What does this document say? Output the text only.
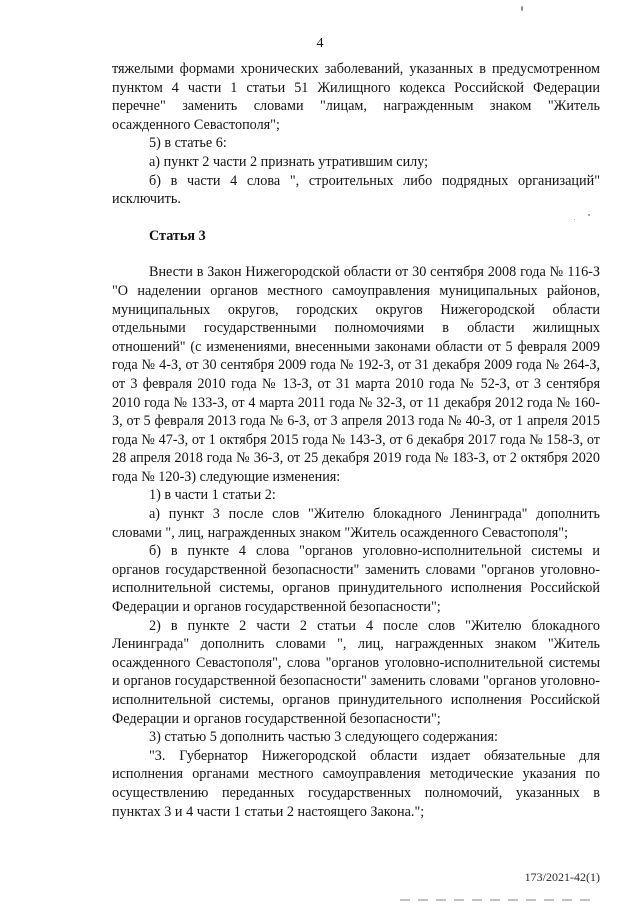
4

тяжелыми формами хронических заболеваний, указанных в предусмотренном пунктом 4 части 1 статьи 51 Жилищного кодекса Российской Федерации перечне" заменить словами "лицам, награжденным знаком "Житель осажденного Севастополя";

5) в статье 6:

а) пункт 2 части 2 признать утратившим силу;

б) в части 4 слова ", строительных либо подрядных организаций" исключить.

Статья 3

Внести в Закон Нижегородской области от 30 сентября 2008 года № 116-З "О наделении органов местного самоуправления муниципальных районов, муниципальных округов, городских округов Нижегородской области отдельными государственными полномочиями в области жилищных отношений" (с изменениями, внесенными законами области от 5 февраля 2009 года № 4-З, от 30 сентября 2009 года № 192-З, от 31 декабря 2009 года № 264-З, от 3 февраля 2010 года № 13-З, от 31 марта 2010 года № 52-З, от 3 сентября 2010 года № 133-З, от 4 марта 2011 года № 32-З, от 11 декабря 2012 года № 160-З, от 5 февраля 2013 года № 6-З, от 3 апреля 2013 года № 40-З, от 1 апреля 2015 года № 47-З, от 1 октября 2015 года № 143-З, от 6 декабря 2017 года № 158-З, от 28 апреля 2018 года № 36-З, от 25 декабря 2019 года № 183-З, от 2 октября 2020 года № 120-З) следующие изменения:

1) в части 1 статьи 2:

а) пункт 3 после слов "Жителю блокадного Ленинграда" дополнить словами ", лиц, награжденных знаком "Житель осажденного Севастополя";

б) в пункте 4 слова "органов уголовно-исполнительной системы и органов государственной безопасности" заменить словами "органов уголовно-исполнительной системы, органов принудительного исполнения Российской Федерации и органов государственной безопасности";

2) в пункте 2 части 2 статьи 4 после слов "Жителю блокадного Ленинграда" дополнить словами ", лиц, награжденных знаком "Житель осажденного Севастополя", слова "органов уголовно-исполнительной системы и органов государственной безопасности" заменить словами "органов уголовно-исполнительной системы, органов принудительного исполнения Российской Федерации и органов государственной безопасности";

3) статью 5 дополнить частью 3 следующего содержания:

"3. Губернатор Нижегородской области издает обязательные для исполнения органами местного самоуправления методические указания по осуществлению переданных государственных полномочий, указанных в пунктах 3 и 4 части 1 статьи 2 настоящего Закона.";

173/2021-42(1)
